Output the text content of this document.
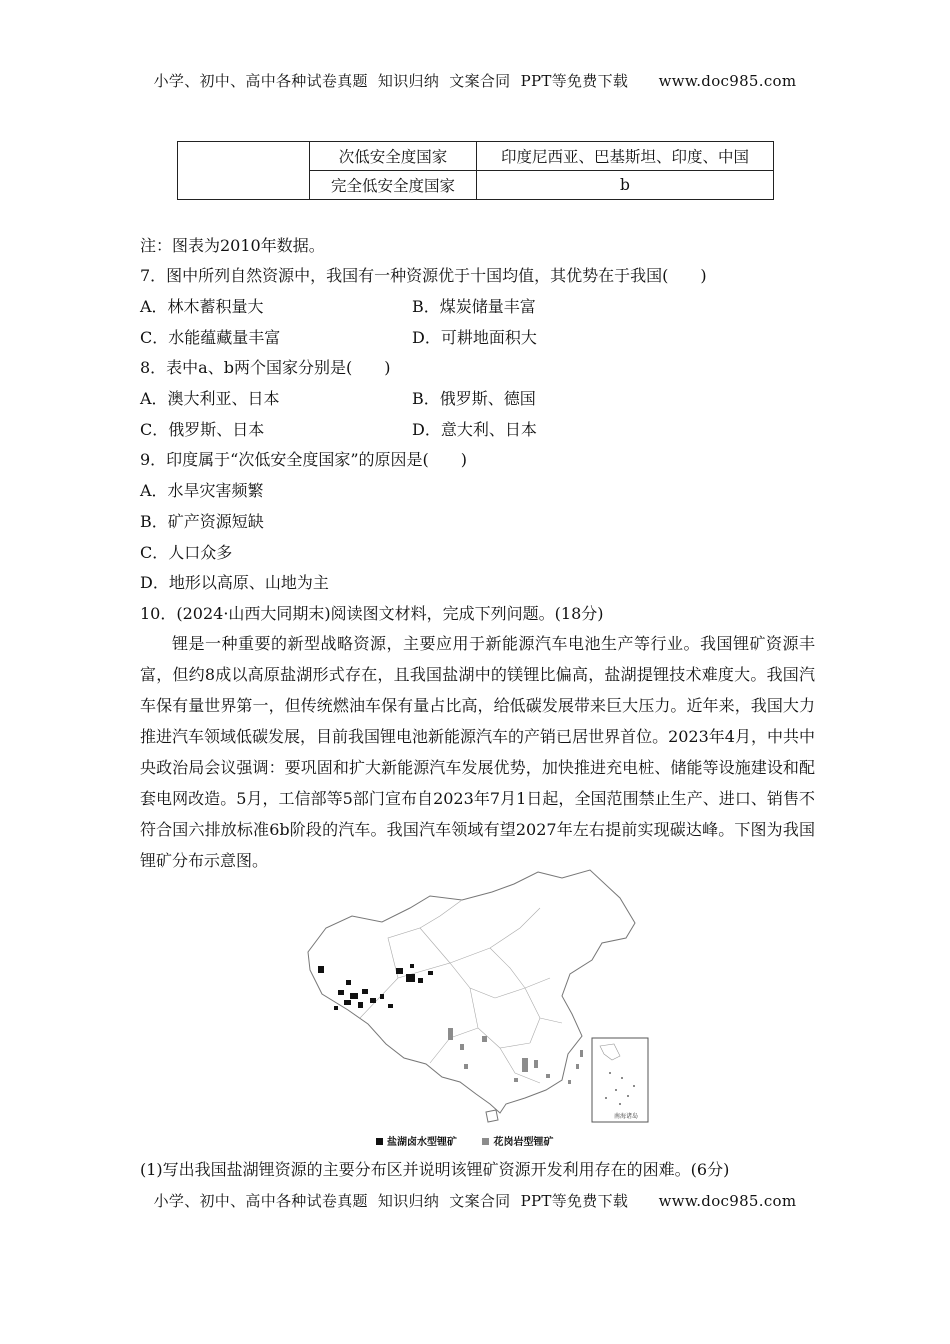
小学、初中、高中各种试卷真题  知识归纳  文案合同  PPT等免费下载      www.doc985.com
	次低安全度国家	印度尼西亚、巴基斯坦、印度、中国
	完全低安全度国家	b
注：图表为2010年数据。
7．图中所列自然资源中，我国有一种资源优于十国均值，其优势在于我国(　　)
A．林木蓄积量大	B．煤炭储量丰富
C．水能蕴藏量丰富	D．可耕地面积大
8．表中a、b两个国家分别是(　　)
A．澳大利亚、日本	B．俄罗斯、德国
C．俄罗斯、日本	D．意大利、日本
9．印度属于“次低安全度国家”的原因是(　　)
A．水旱灾害频繁
B．矿产资源短缺
C．人口众多
D．地形以高原、山地为主
10．(2024·山西大同期末)阅读图文材料，完成下列问题。(18分)
锂是一种重要的新型战略资源，主要应用于新能源汽车电池生产等行业。我国锂矿资源丰富，但约8成以高原盐湖形式存在，且我国盐湖中的镁锂比偏高，盐湖提锂技术难度大。我国汽车保有量世界第一，但传统燃油车保有量占比高，给低碳发展带来巨大压力。近年来，我国大力推进汽车领域低碳发展，目前我国锂电池新能源汽车的产销已居世界首位。2023年4月，中共中央政治局会议强调：要巩固和扩大新能源汽车发展优势，加快推进充电桩、储能等设施建设和配套电网改造。5月，工信部等5部门宣布自2023年7月1日起，全国范围禁止生产、进口、销售不符合国六排放标准6b阶段的汽车。我国汽车领域有望2027年左右提前实现碳达峰。下图为我国锂矿分布示意图。
南海诸岛
盐湖卤水型锂矿	花岗岩型锂矿
(1)写出我国盐湖锂资源的主要分布区并说明该锂矿资源开发利用存在的困难。(6分)
小学、初中、高中各种试卷真题  知识归纳  文案合同  PPT等免费下载      www.doc985.com
